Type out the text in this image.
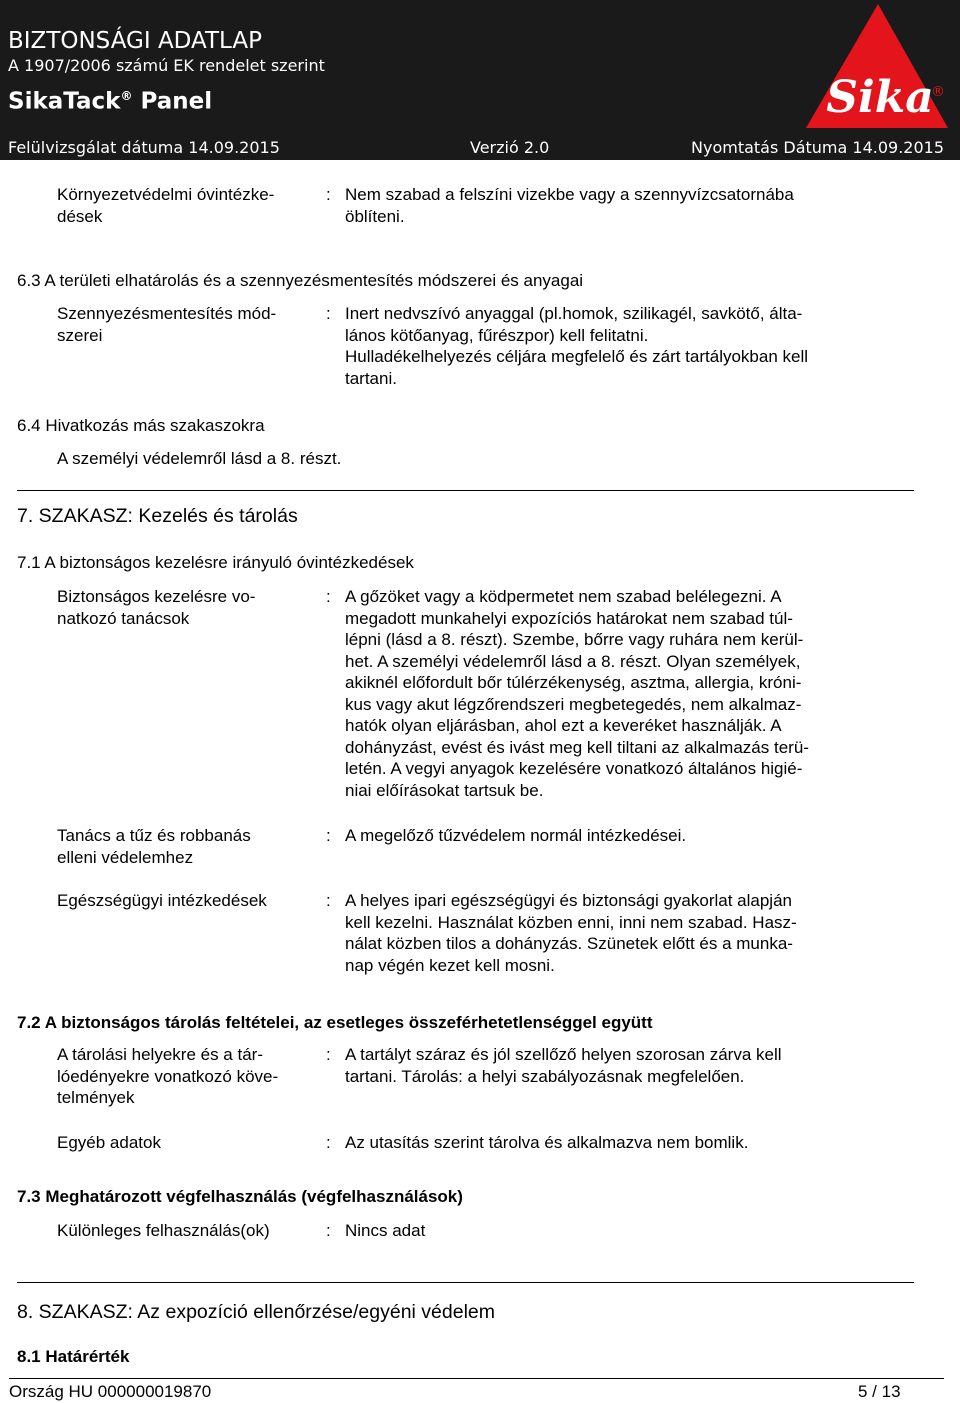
BIZTONSÁGI ADATLAP
A 1907/2006 számú EK rendelet szerint
SikaTack® Panel
Felülvizsgálat dátuma 14.09.2015	Verzió 2.0	Nyomtatás Dátuma 14.09.2015
Sika
®
Környezetvédelmi óvintézke-
dések
: Nem szabad a felszíni vizekbe vagy a szennyvízcsatornába
öblíteni.
6.3 A területi elhatárolás és a szennyezésmentesítés módszerei és anyagai
Szennyezésmentesítés mód-
szerei
: Inert nedvszívó anyaggal (pl.homok, szilikagél, savkötő, álta-
lános kötőanyag, fűrészpor) kell felitatni.
Hulladékelhelyezés céljára megfelelő és zárt tartályokban kell
tartani.
6.4 Hivatkozás más szakaszokra
A személyi védelemről lásd a 8. részt.
7. SZAKASZ: Kezelés és tárolás
7.1 A biztonságos kezelésre irányuló óvintézkedések
Biztonságos kezelésre vo-
natkozó tanácsok
: A gőzöket vagy a ködpermetet nem szabad belélegezni. A
megadott munkahelyi expozíciós határokat nem szabad túl-
lépni (lásd a 8. részt). Szembe, bőrre vagy ruhára nem kerül-
het. A személyi védelemről lásd a 8. részt. Olyan személyek,
akiknél előfordult bőr túlérzékenység, asztma, allergia, króni-
kus vagy akut légzőrendszeri megbetegedés, nem alkalmaz-
hatók olyan eljárásban, ahol ezt a keveréket használják. A
dohányzást, evést és ivást meg kell tiltani az alkalmazás terü-
letén. A vegyi anyagok kezelésére vonatkozó általános higié-
niai előírásokat tartsuk be.
Tanács a tűz és robbanás
elleni védelemhez
: A megelőző tűzvédelem normál intézkedései.
Egészségügyi intézkedések	: A helyes ipari egészségügyi és biztonsági gyakorlat alapján
kell kezelni. Használat közben enni, inni nem szabad. Hasz-
nálat közben tilos a dohányzás. Szünetek előtt és a munka-
nap végén kezet kell mosni.
7.2 A biztonságos tárolás feltételei, az esetleges összeférhetetlenséggel együtt
A tárolási helyekre és a tár-
lóedényekre vonatkozó köve-
telmények
: A tartályt száraz és jól szellőző helyen szorosan zárva kell
tartani. Tárolás: a helyi szabályozásnak megfelelően.
Egyéb adatok	: Az utasítás szerint tárolva és alkalmazva nem bomlik.
7.3 Meghatározott végfelhasználás (végfelhasználások)
Különleges felhasználás(ok)	: Nincs adat
8. SZAKASZ: Az expozíció ellenőrzése/egyéni védelem
8.1 Határérték
Ország HU 000000019870	5 / 13
